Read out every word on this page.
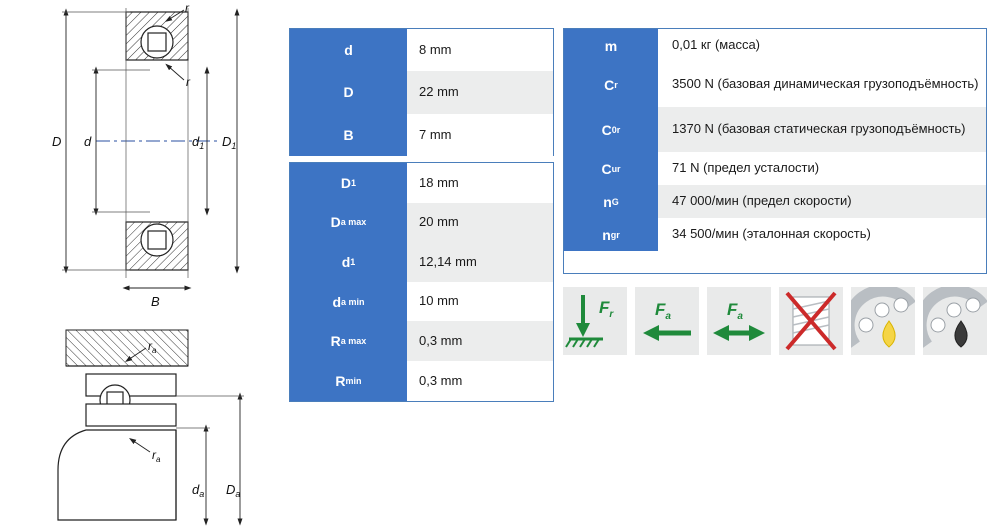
r
r
D d	$d_1$ $D_1$
B
$r_a$
$r_a$
$d_a$ $D_a$
d	8 mm
D	22 mm
B	7 mm
D 1	18 mm
D a max	20 mm
d 1	12,14 mm
d a min	10 mm
R a max	0,3 mm
R min	0,3 mm
m	0,01 кг (масса)
C r	3500 N (базовая динамическая грузоподъёмность)
C 0r	1370 N (базовая статическая грузоподъёмность)
C ur	71 N (предел усталости)
n G	47 000/мин (предел скорости)
n gr	34 500/мин (эталонная скорость)
$F_r$ $F_a$	$F_a$
